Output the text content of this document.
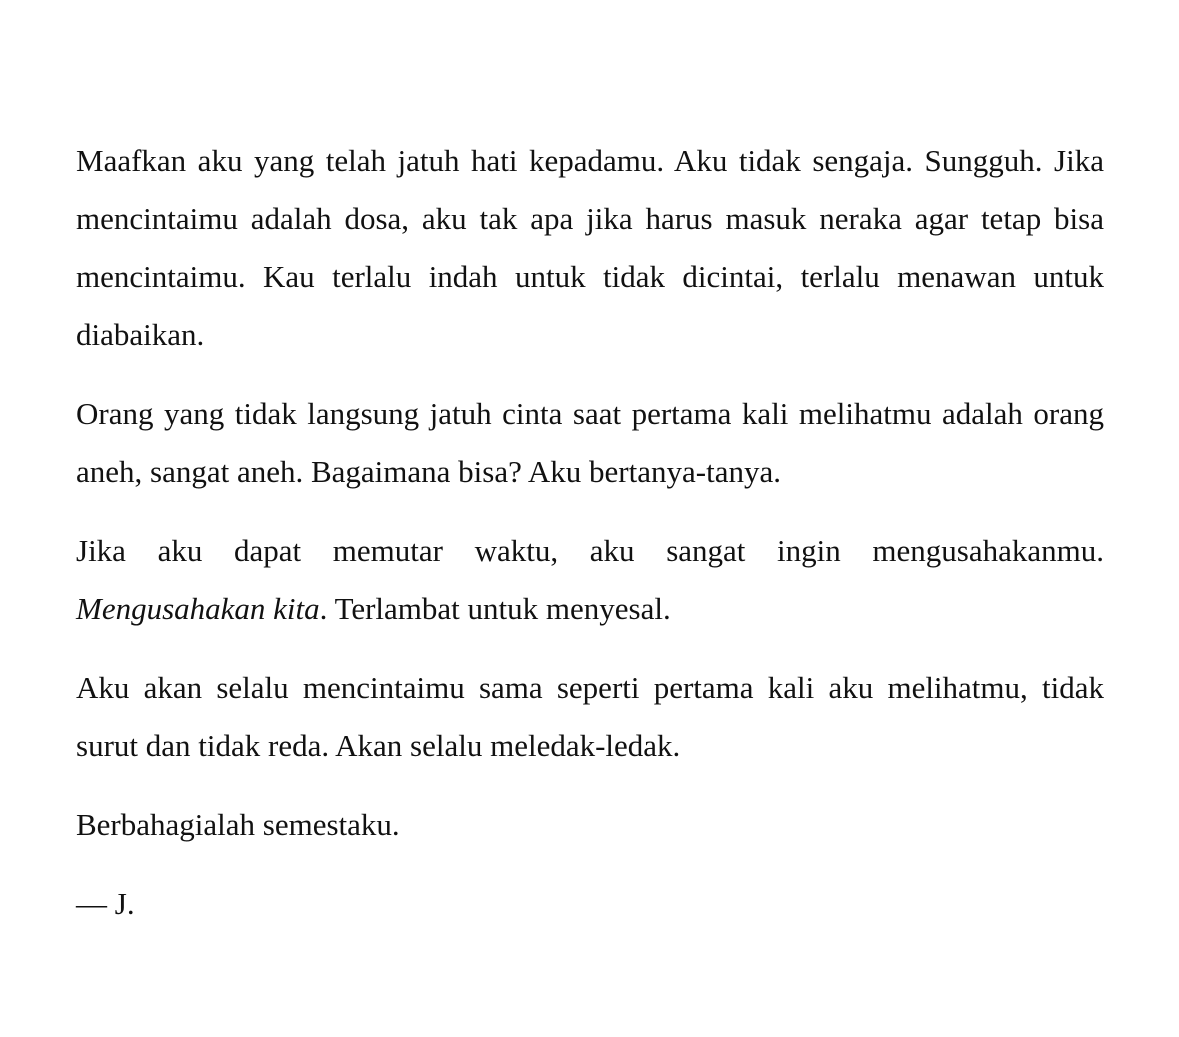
Maafkan aku yang telah jatuh hati kepadamu. Aku tidak sengaja. Sungguh. Jika mencintaimu adalah dosa, aku tak apa jika harus masuk neraka agar tetap bisa mencintaimu. Kau terlalu indah untuk tidak dicintai, terlalu menawan untuk diabaikan.

Orang yang tidak langsung jatuh cinta saat pertama kali melihatmu adalah orang aneh, sangat aneh. Bagaimana bisa? Aku bertanya-tanya.

Jika aku dapat memutar waktu, aku sangat ingin mengusahakanmu. Mengusahakan kita. Terlambat untuk menyesal.

Aku akan selalu mencintaimu sama seperti pertama kali aku melihatmu, tidak surut dan tidak reda. Akan selalu meledak-ledak.

Berbahagialah semestaku.

— J.
